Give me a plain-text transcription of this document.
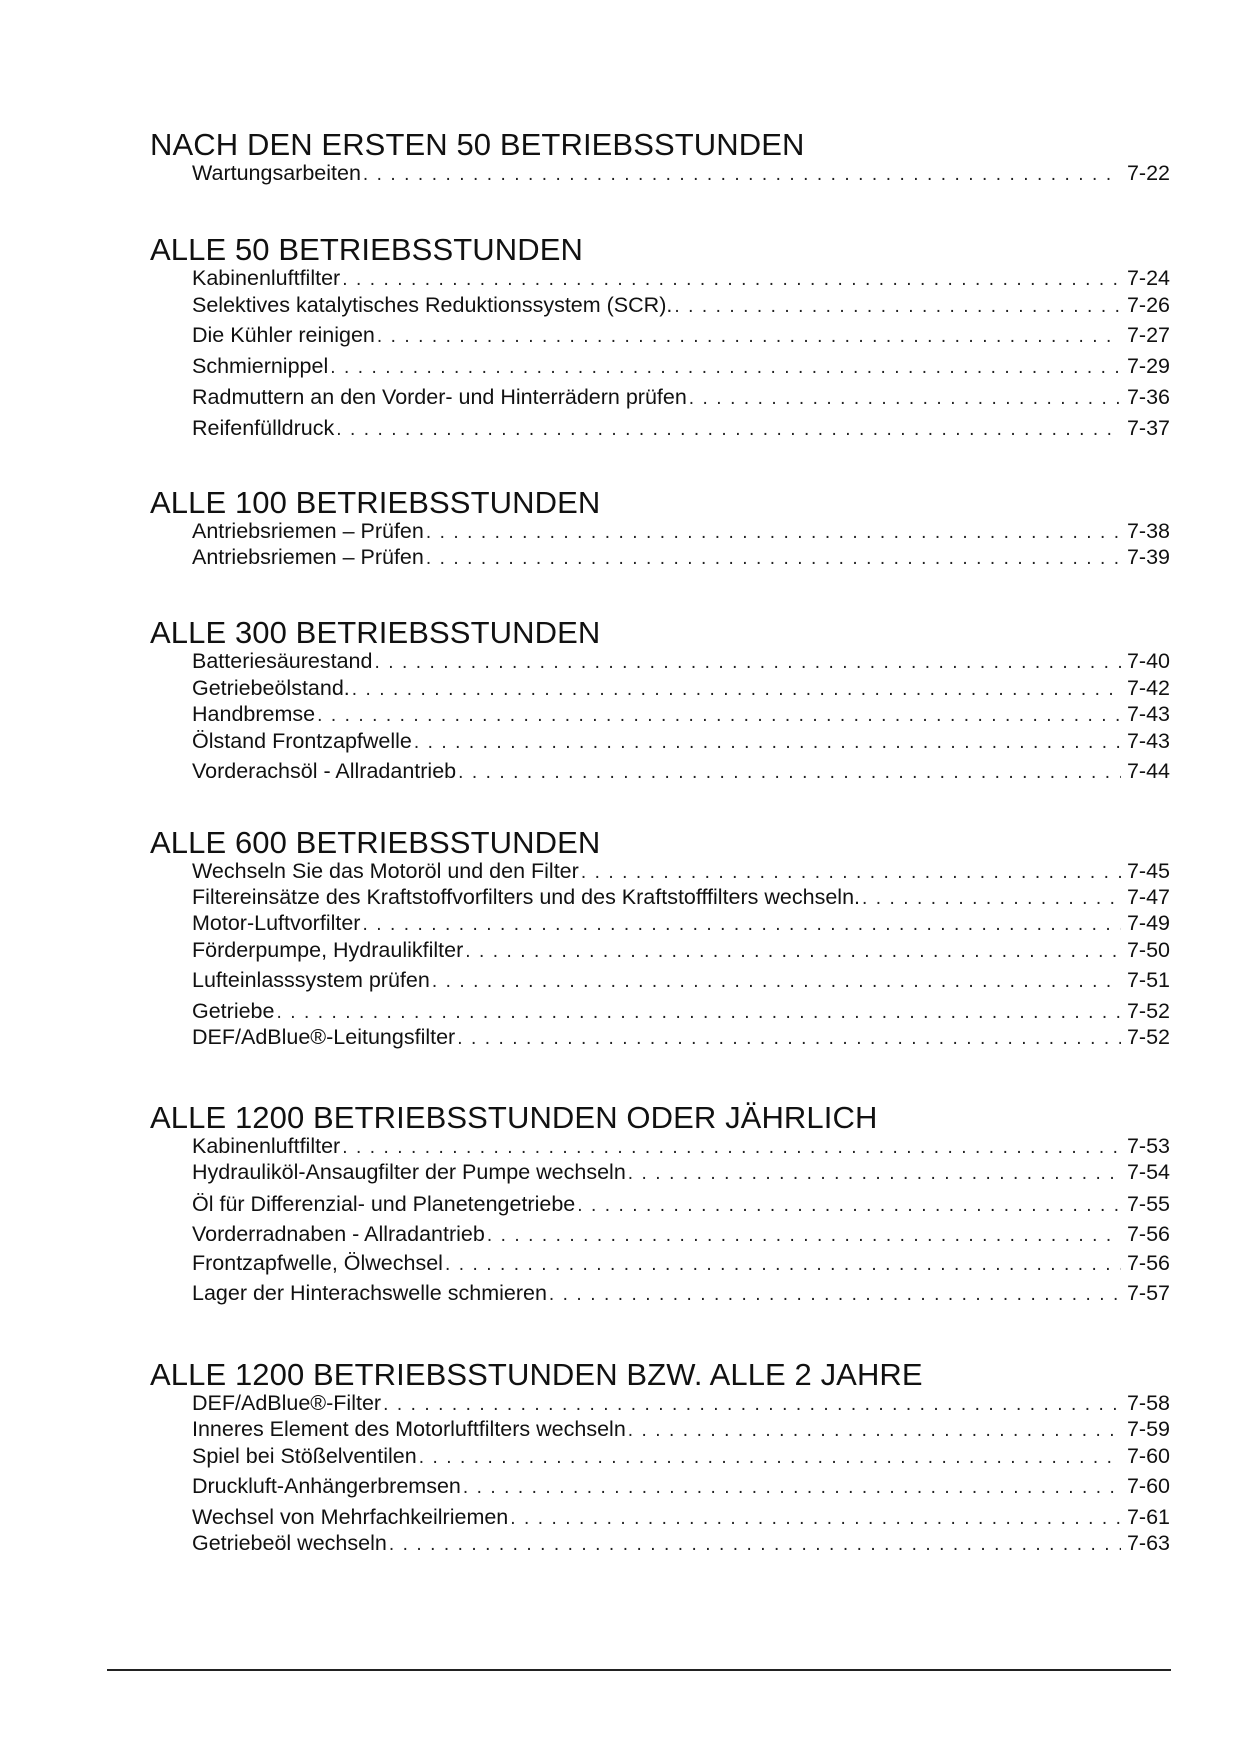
NACH DEN ERSTEN 50 BETRIEBSSTUNDEN
Wartungsarbeiten . . .	7-22
ALLE 50 BETRIEBSSTUNDEN
Kabinenluftfilter . . .	7-24
Selektives katalytisches Reduktionssystem (SCR). . . .	7-26
Die Kühler reinigen . . .	7-27
Schmiernippel . . .	7-29
Radmuttern an den Vorder- und Hinterrädern prüfen . . .	7-36
Reifenfülldruck . . .	7-37
ALLE 100 BETRIEBSSTUNDEN
Antriebsriemen – Prüfen . . .	7-38
Antriebsriemen – Prüfen . . .	7-39
ALLE 300 BETRIEBSSTUNDEN
Batteriesäurestand . . .	7-40
Getriebeölstand. . . .	7-42
Handbremse . . .	7-43
Ölstand Frontzapfwelle . . .	7-43
Vorderachsöl - Allradantrieb . . .	7-44
ALLE 600 BETRIEBSSTUNDEN
Wechseln Sie das Motoröl und den Filter . . .	7-45
Filtereinsätze des Kraftstoffvorfilters und des Kraftstofffilters wechseln. . . .	7-47
Motor-Luftvorfilter . . .	7-49
Förderpumpe, Hydraulikfilter . . .	7-50
Lufteinlasssystem prüfen . . .	7-51
Getriebe . . .	7-52
DEF/AdBlue®-Leitungsfilter . . .	7-52
ALLE 1200 BETRIEBSSTUNDEN ODER JÄHRLICH
Kabinenluftfilter . . .	7-53
Hydrauliköl-Ansaugfilter der Pumpe wechseln . . .	7-54
Öl für Differenzial- und Planetengetriebe . . .	7-55
Vorderradnaben - Allradantrieb . . .	7-56
Frontzapfwelle, Ölwechsel . . .	7-56
Lager der Hinterachswelle schmieren . . .	7-57
ALLE 1200 BETRIEBSSTUNDEN BZW. ALLE 2 JAHRE
DEF/AdBlue®-Filter . . .	7-58
Inneres Element des Motorluftfilters wechseln . . .	7-59
Spiel bei Stößelventilen . . .	7-60
Druckluft-Anhängerbremsen . . .	7-60
Wechsel von Mehrfachkeilriemen . . .	7-61
Getriebeöl wechseln . . .	7-63
